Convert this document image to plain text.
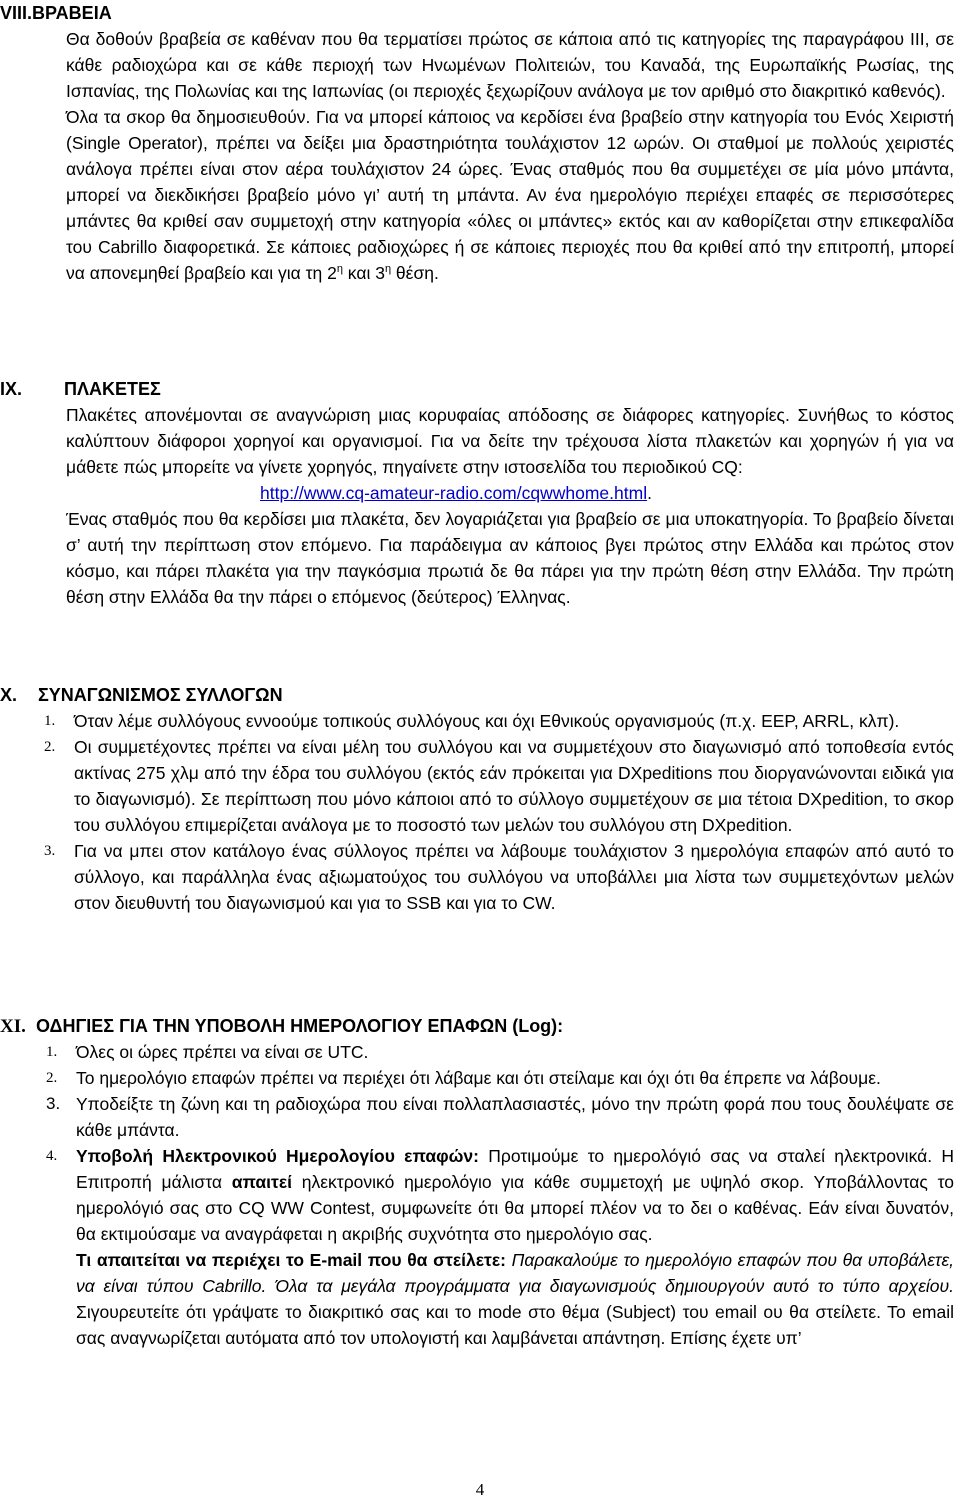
VIII.ΒΡΑΒΕΙΑ

Θα δοθούν βραβεία σε καθέναν που θα τερματίσει πρώτος σε κάποια από τις κατηγορίες της παραγράφου III, σε κάθε ραδιοχώρα και σε κάθε περιοχή των Ηνωμένων Πολιτειών, του Καναδά, της Ευρωπαϊκής Ρωσίας, της Ισπανίας, της Πολωνίας και της Ιαπωνίας (οι περιοχές ξεχωρίζουν ανάλογα με τον αριθμό στο διακριτικό καθενός).

Όλα τα σκορ θα δημοσιευθούν. Για να μπορεί κάποιος να κερδίσει ένα βραβείο στην κατηγορία του Ενός Χειριστή (Single Operator), πρέπει να δείξει μια δραστηριότητα τουλάχιστον 12 ωρών. Οι σταθμοί με πολλούς χειριστές ανάλογα πρέπει είναι στον αέρα τουλάχιστον 24 ώρες. Ένας σταθμός που θα συμμετέχει σε μία μόνο μπάντα, μπορεί να διεκδικήσει βραβείο μόνο γι’ αυτή τη μπάντα. Αν ένα ημερολόγιο περιέχει επαφές σε περισσότερες μπάντες θα κριθεί σαν συμμετοχή στην κατηγορία «όλες οι μπάντες» εκτός και αν καθορίζεται στην επικεφαλίδα του Cabrillo διαφορετικά. Σε κάποιες ραδιοχώρες ή σε κάποιες περιοχές που θα κριθεί από την επιτροπή, μπορεί να απονεμηθεί βραβείο και για τη $2^\eta$ και $3^\eta$ θέση.

IX. ΠΛΑΚΕΤΕΣ

Πλακέτες απονέμονται σε αναγνώριση μιας κορυφαίας απόδοσης σε διάφορες κατηγορίες. Συνήθως το κόστος καλύπτουν διάφοροι χορηγοί και οργανισμοί. Για να δείτε την τρέχουσα λίστα πλακετών και χορηγών ή για να μάθετε πώς μπορείτε να γίνετε χορηγός, πηγαίνετε στην ιστοσελίδα του περιοδικού CQ:

http://www.cq-amateur-radio.com/cqwwhome.html.

Ένας σταθμός που θα κερδίσει μια πλακέτα, δεν λογαριάζεται για βραβείο σε μια υποκατηγορία. Το βραβείο δίνεται σ’ αυτή την περίπτωση στον επόμενο. Για παράδειγμα αν κάποιος βγει πρώτος στην Ελλάδα και πρώτος στον κόσμο, και πάρει πλακέτα για την παγκόσμια πρωτιά δε θα πάρει για την πρώτη θέση στην Ελλάδα. Την πρώτη θέση στην Ελλάδα θα την πάρει ο επόμενος (δεύτερος) Έλληνας.

X. ΣΥΝΑΓΩΝΙΣΜΟΣ ΣΥΛΛΟΓΩΝ
1. Όταν λέμε συλλόγους εννοούμε τοπικούς συλλόγους και όχι Εθνικούς οργανισμούς (π.χ. EEP, ARRL, κλπ).
2. Οι συμμετέχοντες πρέπει να είναι μέλη του συλλόγου και να συμμετέχουν στο διαγωνισμό από τοποθεσία εντός ακτίνας 275 χλμ από την έδρα του συλλόγου (εκτός εάν πρόκειται για DXpeditions που διοργανώνονται ειδικά για το διαγωνισμό). Σε περίπτωση που μόνο κάποιοι από το σύλλογο συμμετέχουν σε μια τέτοια DXpedition, το σκορ του συλλόγου επιμερίζεται ανάλογα με το ποσοστό των μελών του συλλόγου στη DXpedition.
3. Για να μπει στον κατάλογο ένας σύλλογος πρέπει να λάβουμε τουλάχιστον 3 ημερολόγια επαφών από αυτό το σύλλογο, και παράλληλα ένας αξιωματούχος του συλλόγου να υποβάλλει μια λίστα των συμμετεχόντων μελών στον διευθυντή του διαγωνισμού και για το SSB και για το CW.
XI. ΟΔΗΓΙΕΣ ΓΙΑ ΤΗΝ ΥΠΟΒΟΛΗ ΗΜΕΡΟΛΟΓΙΟΥ ΕΠΑΦΩΝ (Log):
1. Όλες οι ώρες πρέπει να είναι σε UTC.
2. Το ημερολόγιο επαφών πρέπει να περιέχει ότι λάβαμε και ότι στείλαμε και όχι ότι θα έπρεπε να λάβουμε.
3. Υποδείξτε τη ζώνη και τη ραδιοχώρα που είναι πολλαπλασιαστές, μόνο την πρώτη φορά που τους δουλέψατε σε κάθε μπάντα.
4. Υποβολή Ηλεκτρονικού Ημερολογίου επαφών: Προτιμούμε το ημερολόγιό σας να σταλεί ηλεκτρονικά. Η Επιτροπή μάλιστα απαιτεί ηλεκτρονικό ημερολόγιο για κάθε συμμετοχή με υψηλό σκορ. Υποβάλλοντας το ημερολόγιό σας στο CQ WW Contest, συμφωνείτε ότι θα μπορεί πλέον να το δει ο καθένας. Εάν είναι δυνατόν, θα εκτιμούσαμε να αναγράφεται η ακριβής συχνότητα στο ημερολόγιο σας.
Τι απαιτείται να περιέχει το E-mail που θα στείλετε: Παρακαλούμε το ημερολόγιο επαφών που θα υποβάλετε, να είναι τύπου Cabrillo. Όλα τα μεγάλα προγράμματα για διαγωνισμούς δημιουργούν αυτό το τύπο αρχείου. Σιγουρευτείτε ότι γράψατε το διακριτικό σας και το mode στο θέμα (Subject) του email ου θα στείλετε. Το email σας αναγνωρίζεται αυτόματα από τον υπολογιστή και λαμβάνεται απάντηση. Επίσης έχετε υπ’
4
